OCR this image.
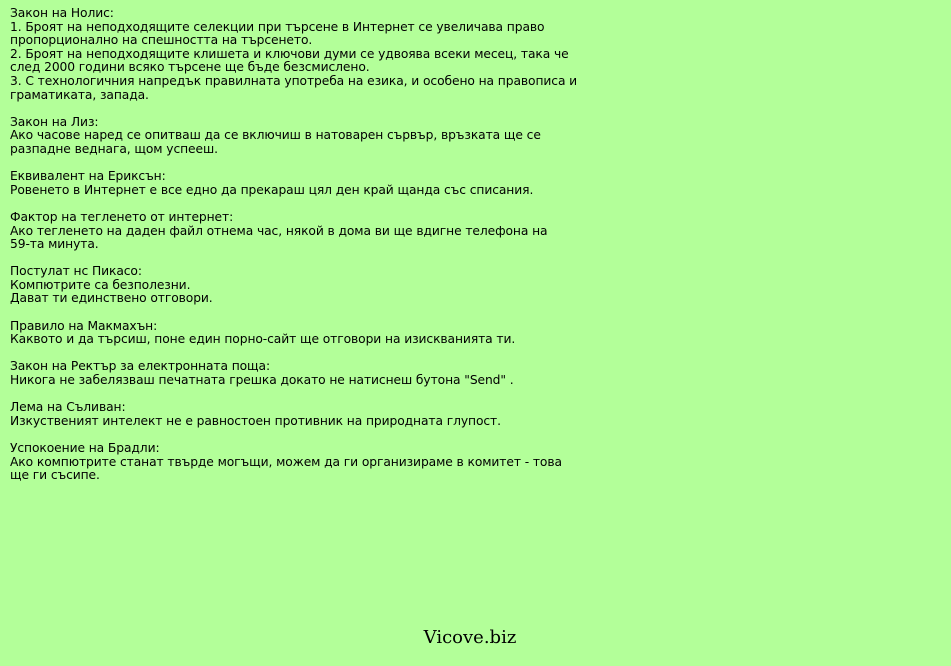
Закон на Нолис:
1. Броят на неподходящите селекции при търсене в Интернет се увеличава право
пропорционално на спешността на търсенето.
2. Броят на неподходящите клишета и ключови думи се удвоява всеки месец, така че
след 2000 години всяко търсене ще бъде безсмислено.
3. С технологичния напредък правилната употреба на езика, и особено на правописа и
граматиката, запада.
Закон на Лиз:
Ако часове наред се опитваш да се включиш в натоварен сървър, връзката ще се
разпадне веднага, щом успееш.
Еквивалент на Ериксън:
Ровенето в Интернет е все едно да прекараш цял ден край щанда със списания.
Фактор на тегленето от интернет:
Ако тегленето на даден файл отнема час, някой в дома ви ще вдигне телефона на
59-та минута.
Постулат нс Пикасо:
Компютрите са безполезни.
Дават ти единствено отговори.
Правило на Макмахън:
Каквото и да търсиш, поне един порно-сайт ще отговори на изискванията ти.
Закон на Ректър за електронната поща:
Никога не забелязваш печатната грешка докато не натиснеш бутона "Send" .
Лема на Съливан:
Изкуственият интелект не е равностоен противник на природната глупост.
Успокоение на Брадли:
Ако компютрите станат твърде могъщи, можем да ги организираме в комитет - това
ще ги съсипе.
Vicove.biz
